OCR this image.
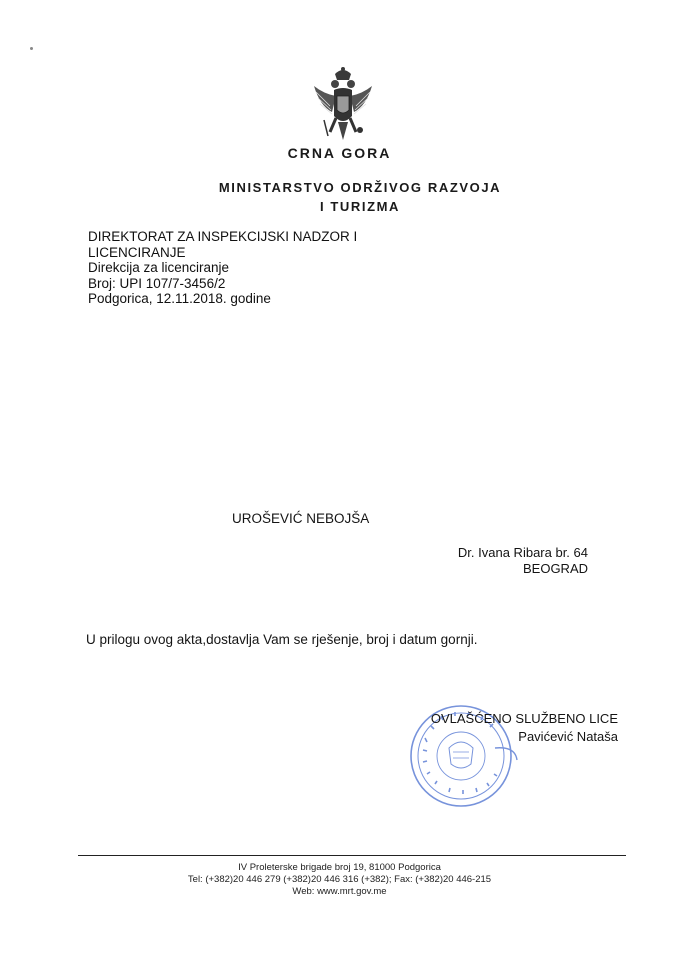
CRNA GORA
MINISTARSTVO ODRŽIVOG RAZVOJA
I TURIZMA
DIREKTORAT ZA INSPEKCIJSKI NADZOR I
LICENCIRANJE
Direkcija za licenciranje
Broj: UPI 107/7-3456/2
Podgorica, 12.11.2018. godine
UROŠEVIĆ NEBOJŠA
Dr. Ivana Ribara br. 64
BEOGRAD
U prilogu ovog akta,dostavlja Vam se rješenje, broj i datum gornji.
OVLAŠĆENO SLUŽBENO LICE
Pavićević Nataša
IV Proleterske brigade broj 19, 81000 Podgorica
Tel: (+382)20 446 279 (+382)20 446 316 (+382); Fax: (+382)20 446-215
Web: www.mrt.gov.me
